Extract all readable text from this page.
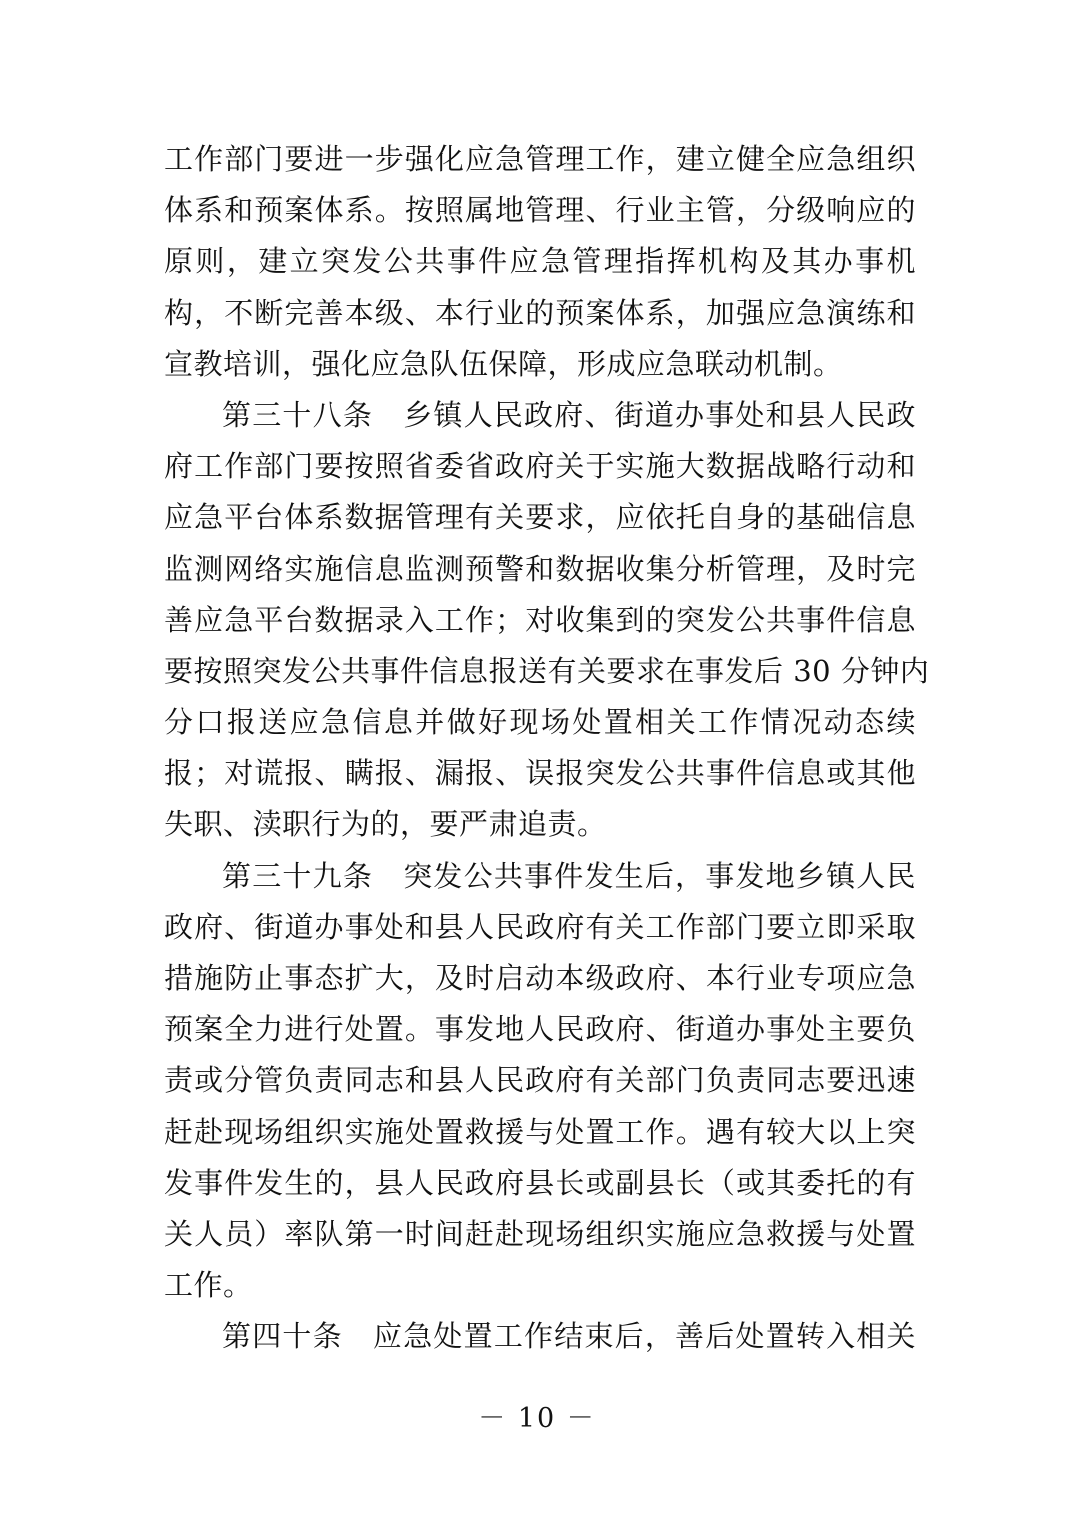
工作部门要进一步强化应急管理工作，建立健全应急组织
体系和预案体系。按照属地管理、行业主管，分级响应的
原则，建立突发公共事件应急管理指挥机构及其办事机
构，不断完善本级、本行业的预案体系，加强应急演练和
宣教培训，强化应急队伍保障，形成应急联动机制。
第三十八条　乡镇人民政府、街道办事处和县人民政
府工作部门要按照省委省政府关于实施大数据战略行动和
应急平台体系数据管理有关要求，应依托自身的基础信息
监测网络实施信息监测预警和数据收集分析管理，及时完
善应急平台数据录入工作；对收集到的突发公共事件信息
要按照突发公共事件信息报送有关要求在事发后 30 分钟内
分口报送应急信息并做好现场处置相关工作情况动态续
报；对谎报、瞒报、漏报、误报突发公共事件信息或其他
失职、渎职行为的，要严肃追责。
第三十九条　突发公共事件发生后，事发地乡镇人民
政府、街道办事处和县人民政府有关工作部门要立即采取
措施防止事态扩大，及时启动本级政府、本行业专项应急
预案全力进行处置。事发地人民政府、街道办事处主要负
责或分管负责同志和县人民政府有关部门负责同志要迅速
赶赴现场组织实施处置救援与处置工作。遇有较大以上突
发事件发生的，县人民政府县长或副县长（或其委托的有
关人员）率队第一时间赶赴现场组织实施应急救援与处置
工作。
第四十条　应急处置工作结束后，善后处置转入相关
－ 10 －
